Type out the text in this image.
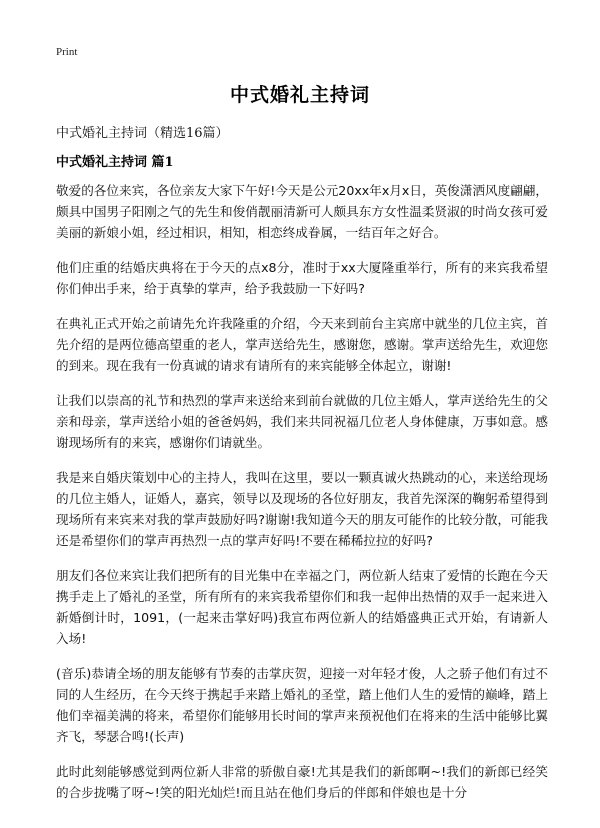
Print
中式婚礼主持词
中式婚礼主持词（精选16篇）
中式婚礼主持词 篇1

敬爱的各位来宾，各位亲友大家下午好!今天是公元20xx年x月x日，英俊潇洒风度翩翩，颇具中国男子阳刚之气的先生和俊俏靓丽清新可人颇具东方女性温柔贤淑的时尚女孩可爱美丽的新娘小姐，经过相识，相知，相恋终成眷属，一结百年之好合。

他们庄重的结婚庆典将在于今天的点x8分，准时于xx大厦隆重举行，所有的来宾我希望你们伸出手来，给于真挚的掌声，给予我鼓励一下好吗?

在典礼正式开始之前请先允许我隆重的介绍，今天来到前台主宾席中就坐的几位主宾，首先介绍的是两位德高望重的老人，掌声送给先生，感谢您，感谢。掌声送给先生，欢迎您的到来。现在我有一份真诚的请求有请所有的来宾能够全体起立，谢谢!

让我们以崇高的礼节和热烈的掌声来送给来到前台就做的几位主婚人，掌声送给先生的父亲和母亲，掌声送给小姐的爸爸妈妈，我们来共同祝福几位老人身体健康，万事如意。感谢现场所有的来宾，感谢你们请就坐。

我是来自婚庆策划中心的主持人，我叫在这里，要以一颗真诚火热跳动的心，来送给现场的几位主婚人，证婚人，嘉宾，领导以及现场的各位好朋友，我首先深深的鞠躬希望得到现场所有来宾来对我的掌声鼓励好吗?谢谢!我知道今天的朋友可能作的比较分散，可能我还是希望你们的掌声再热烈一点的掌声好吗!不要在稀稀拉拉的好吗?

朋友们各位来宾让我们把所有的目光集中在幸福之门，两位新人结束了爱情的长跑在今天携手走上了婚礼的圣堂，所有所有的来宾我希望你们和我一起伸出热情的双手一起来进入新婚倒计时，1091，(一起来击掌好吗)我宣布两位新人的结婚盛典正式开始，有请新人入场!

(音乐)恭请全场的朋友能够有节奏的击掌庆贺，迎接一对年轻才俊，人之骄子他们有过不同的人生经历，在今天终于携起手来踏上婚礼的圣堂，踏上他们人生的爱情的巅峰，踏上他们幸福美满的将来，希望你们能够用长时间的掌声来预祝他们在将来的生活中能够比翼齐飞，琴瑟合鸣!(长声)

此时此刻能够感觉到两位新人非常的骄傲自豪!尤其是我们的新郎啊~!我们的新郎已经笑的合步拢嘴了呀~!笑的阳光灿烂!而且站在他们身后的伴郎和伴娘也是十分
